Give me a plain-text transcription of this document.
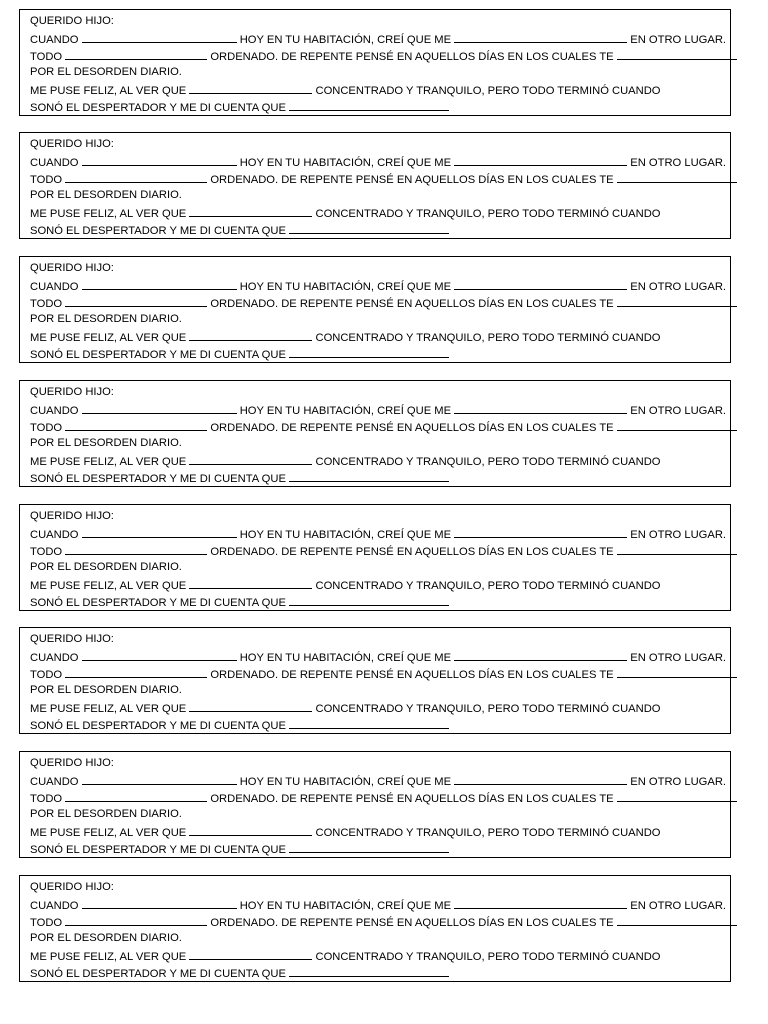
QUERIDO HIJO:
CUANDO	HOY EN TU HABITACIÓN, CREÍ QUE ME	EN OTRO LUGAR.
TODO	ORDENADO. DE REPENTE PENSÉ EN AQUELLOS DÍAS EN LOS CUALES TE
POR EL DESORDEN DIARIO.
ME PUSE FELIZ, AL VER QUE	CONCENTRADO Y TRANQUILO, PERO TODO TERMINÓ CUANDO
SONÓ EL DESPERTADOR Y ME DI CUENTA QUE
QUERIDO HIJO:
CUANDO	HOY EN TU HABITACIÓN, CREÍ QUE ME	EN OTRO LUGAR.
TODO	ORDENADO. DE REPENTE PENSÉ EN AQUELLOS DÍAS EN LOS CUALES TE
POR EL DESORDEN DIARIO.
ME PUSE FELIZ, AL VER QUE	CONCENTRADO Y TRANQUILO, PERO TODO TERMINÓ CUANDO
SONÓ EL DESPERTADOR Y ME DI CUENTA QUE
QUERIDO HIJO:
CUANDO	HOY EN TU HABITACIÓN, CREÍ QUE ME	EN OTRO LUGAR.
TODO	ORDENADO. DE REPENTE PENSÉ EN AQUELLOS DÍAS EN LOS CUALES TE
POR EL DESORDEN DIARIO.
ME PUSE FELIZ, AL VER QUE	CONCENTRADO Y TRANQUILO, PERO TODO TERMINÓ CUANDO
SONÓ EL DESPERTADOR Y ME DI CUENTA QUE
QUERIDO HIJO:
CUANDO	HOY EN TU HABITACIÓN, CREÍ QUE ME	EN OTRO LUGAR.
TODO	ORDENADO. DE REPENTE PENSÉ EN AQUELLOS DÍAS EN LOS CUALES TE
POR EL DESORDEN DIARIO.
ME PUSE FELIZ, AL VER QUE	CONCENTRADO Y TRANQUILO, PERO TODO TERMINÓ CUANDO
SONÓ EL DESPERTADOR Y ME DI CUENTA QUE
QUERIDO HIJO:
CUANDO	HOY EN TU HABITACIÓN, CREÍ QUE ME	EN OTRO LUGAR.
TODO	ORDENADO. DE REPENTE PENSÉ EN AQUELLOS DÍAS EN LOS CUALES TE
POR EL DESORDEN DIARIO.
ME PUSE FELIZ, AL VER QUE	CONCENTRADO Y TRANQUILO, PERO TODO TERMINÓ CUANDO
SONÓ EL DESPERTADOR Y ME DI CUENTA QUE
QUERIDO HIJO:
CUANDO	HOY EN TU HABITACIÓN, CREÍ QUE ME	EN OTRO LUGAR.
TODO	ORDENADO. DE REPENTE PENSÉ EN AQUELLOS DÍAS EN LOS CUALES TE
POR EL DESORDEN DIARIO.
ME PUSE FELIZ, AL VER QUE	CONCENTRADO Y TRANQUILO, PERO TODO TERMINÓ CUANDO
SONÓ EL DESPERTADOR Y ME DI CUENTA QUE
QUERIDO HIJO:
CUANDO	HOY EN TU HABITACIÓN, CREÍ QUE ME	EN OTRO LUGAR.
TODO	ORDENADO. DE REPENTE PENSÉ EN AQUELLOS DÍAS EN LOS CUALES TE
POR EL DESORDEN DIARIO.
ME PUSE FELIZ, AL VER QUE	CONCENTRADO Y TRANQUILO, PERO TODO TERMINÓ CUANDO
SONÓ EL DESPERTADOR Y ME DI CUENTA QUE
QUERIDO HIJO:
CUANDO	HOY EN TU HABITACIÓN, CREÍ QUE ME	EN OTRO LUGAR.
TODO	ORDENADO. DE REPENTE PENSÉ EN AQUELLOS DÍAS EN LOS CUALES TE
POR EL DESORDEN DIARIO.
ME PUSE FELIZ, AL VER QUE	CONCENTRADO Y TRANQUILO, PERO TODO TERMINÓ CUANDO
SONÓ EL DESPERTADOR Y ME DI CUENTA QUE
